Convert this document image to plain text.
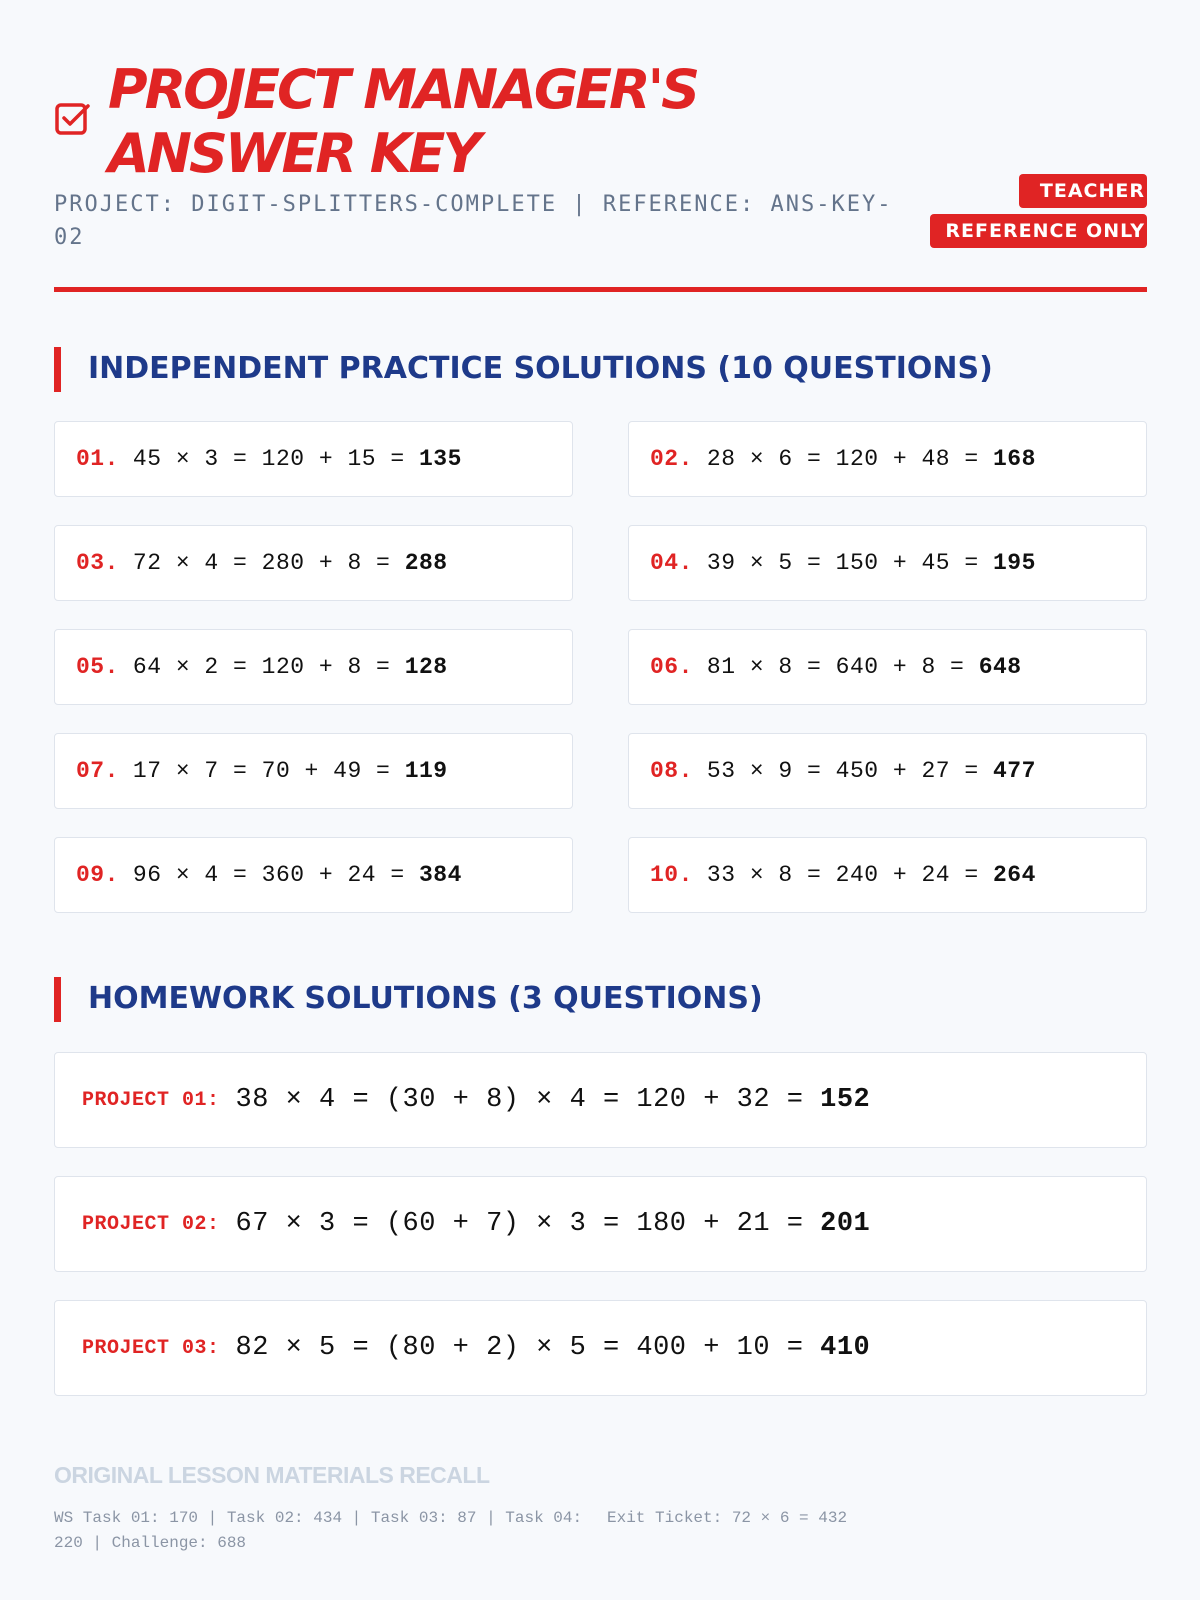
PROJECT MANAGER'S
ANSWER KEY
PROJECT: DIGIT-SPLITTERS-COMPLETE | REFERENCE: ANS-KEY-02
TEACHER
REFERENCE ONLY
INDEPENDENT PRACTICE SOLUTIONS (10 QUESTIONS)
01. 45 × 3 = 120 + 15 =
135	02. 28 × 6 = 120 + 48 =
168
03. 72 × 4 = 280 + 8 =
288	04. 39 × 5 = 150 + 45 =
195
05. 64 × 2 = 120 + 8 =
128	06. 81 × 8 = 640 + 8 =
648
07. 17 × 7 = 70 + 49 =
119	08. 53 × 9 = 450 + 27 =
477
09. 96 × 4 = 360 + 24 =
384	10. 33 × 8 = 240 + 24 =
264
HOMEWORK SOLUTIONS (3 QUESTIONS)
PROJECT 01: 38 × 4 = (30 + 8) × 4 = 120 + 32 =
152
PROJECT 02: 67 × 3 = (60 + 7) × 3 = 180 + 21 =
201
PROJECT 03: 82 × 5 = (80 + 2) × 5 = 400 + 10 =
410
ORIGINAL LESSON MATERIALS RECALL
WS Task 01: 170 | Task 02: 434 | Task 03: 87 | Task 04: 220 | Challenge: 688
Exit Ticket: 72 × 6 = 432
